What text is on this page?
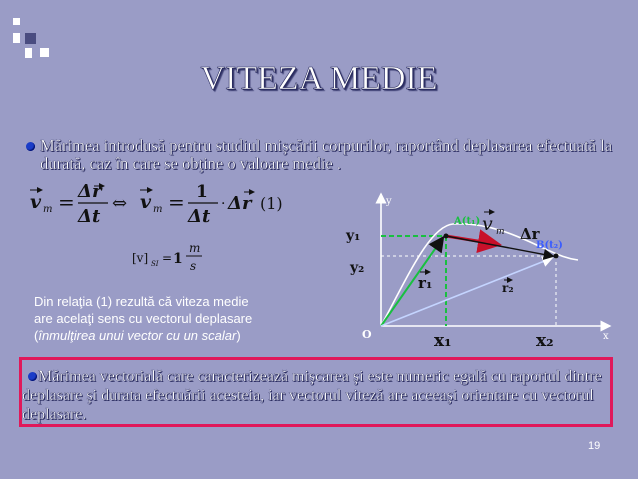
VITEZA MEDIE
Mărimea introdusă pentru studiul mişcării corpurilor, raportând deplasarea efectuată la durată, caz în care se obţine o valoare medie .
v m = Δr
Δt
⇔ v m = 1
Δt
· Δr (1)
[v] SI = 1
m
s
Din relaţia (1) rezultă că viteza medie
are acelaţi sens cu vectorul deplasare
(înmulţirea unui vector cu un scalar)
y
x
O
y₁
y₂
x₁	x₂
r₁	r₂
A(t₁) v m Δr
B(t₂)
Mărimea vectorială care caracterizează mişcarea şi este numeric egală cu raportul dintre deplasare şi durata efectuării acesteia, iar vectorul viteză are aceeaşi orientare cu vectorul deplasare.
19
